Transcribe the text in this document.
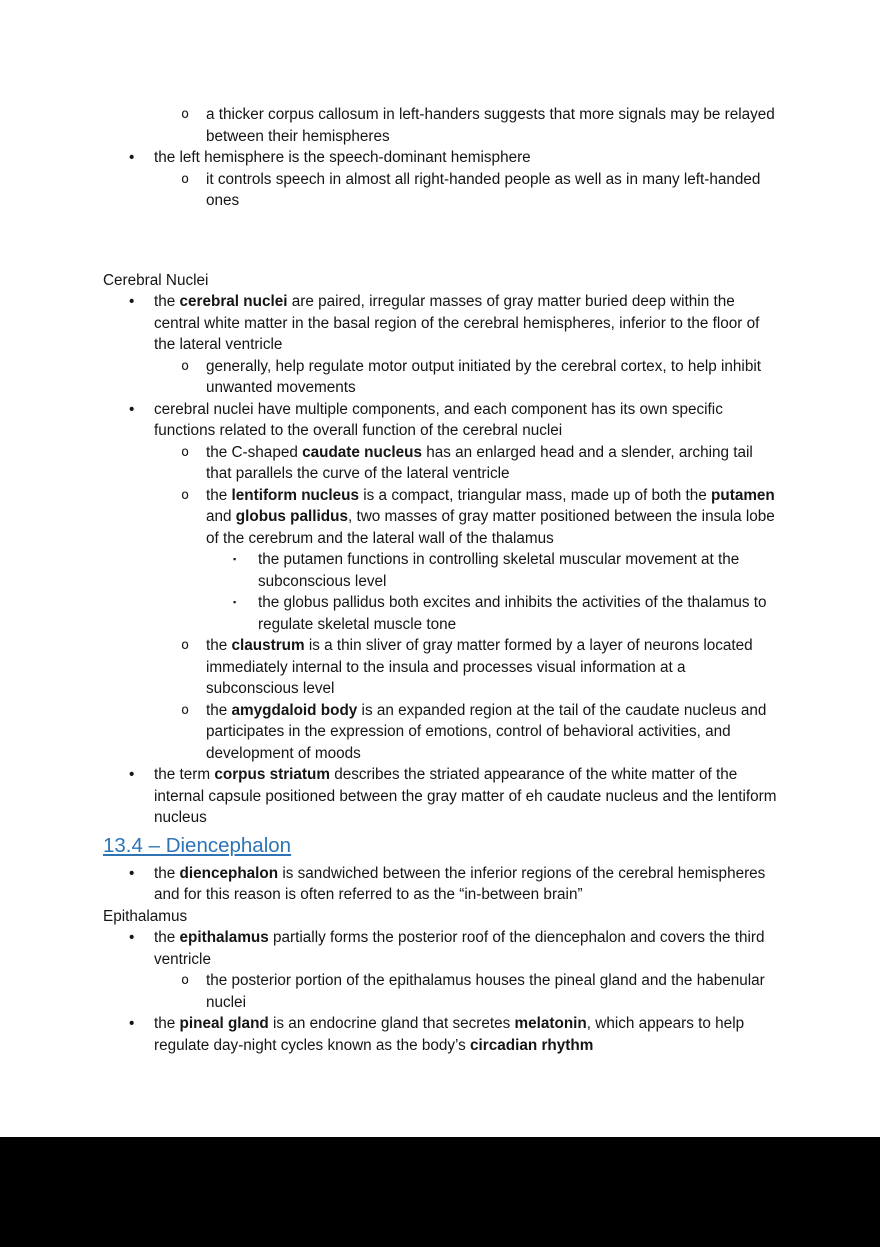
o	a thicker corpus callosum in left-handers suggests that more signals may be relayed between their hemispheres
•	the left hemisphere is the speech-dominant hemisphere
o	it controls speech in almost all right-handed people as well as in many left-handed ones
Cerebral Nuclei
•	the cerebral nuclei are paired, irregular masses of gray matter buried deep within the central white matter in the basal region of the cerebral hemispheres, inferior to the floor of the lateral ventricle
o	generally, help regulate motor output initiated by the cerebral cortex, to help inhibit unwanted movements
•	cerebral nuclei have multiple components, and each component has its own specific functions related to the overall function of the cerebral nuclei
o	the C-shaped caudate nucleus has an enlarged head and a slender, arching tail that parallels the curve of the lateral ventricle
o	the lentiform nucleus is a compact, triangular mass, made up of both the putamen and globus pallidus, two masses of gray matter positioned between the insula lobe of the cerebrum and the lateral wall of the thalamus
▪	the putamen functions in controlling skeletal muscular movement at the subconscious level
▪	the globus pallidus both excites and inhibits the activities of the thalamus to regulate skeletal muscle tone
o	the claustrum is a thin sliver of gray matter formed by a layer of neurons located immediately internal to the insula and processes visual information at a subconscious level
o	the amygdaloid body is an expanded region at the tail of the caudate nucleus and participates in the expression of emotions, control of behavioral activities, and development of moods
•	the term corpus striatum describes the striated appearance of the white matter of the internal capsule positioned between the gray matter of eh caudate nucleus and the lentiform nucleus
13.4 – Diencephalon
•	the diencephalon is sandwiched between the inferior regions of the cerebral hemispheres and for this reason is often referred to as the “in-between brain”
Epithalamus
•	the epithalamus partially forms the posterior roof of the diencephalon and covers the third ventricle
o	the posterior portion of the epithalamus houses the pineal gland and the habenular nuclei
•	the pineal gland is an endocrine gland that secretes melatonin, which appears to help regulate day-night cycles known as the body’s circadian rhythm
